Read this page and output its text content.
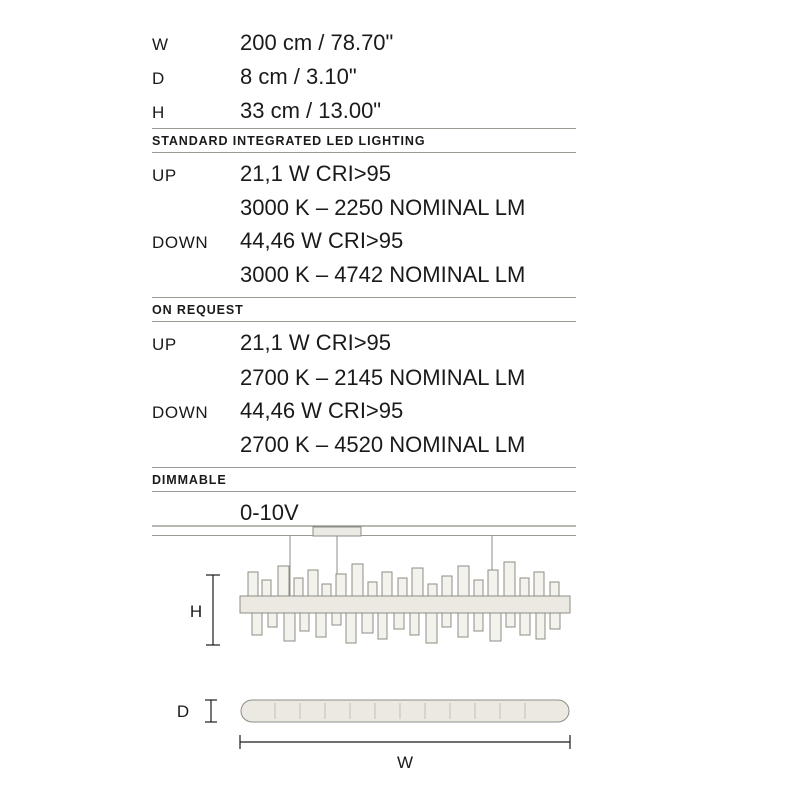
W	200 cm / 78.70"
D	8 cm / 3.10"
H	33 cm / 13.00"
STANDARD INTEGRATED LED LIGHTING
UP	21,1 W CRI>95
3000 K – 2250 NOMINAL LM
DOWN	44,46 W CRI>95
3000 K – 4742 NOMINAL LM
ON REQUEST
UP	21,1 W CRI>95
2700 K – 2145 NOMINAL LM
DOWN	44,46 W CRI>95
2700 K – 4520 NOMINAL LM
DIMMABLE
0-10V
H
D
W
